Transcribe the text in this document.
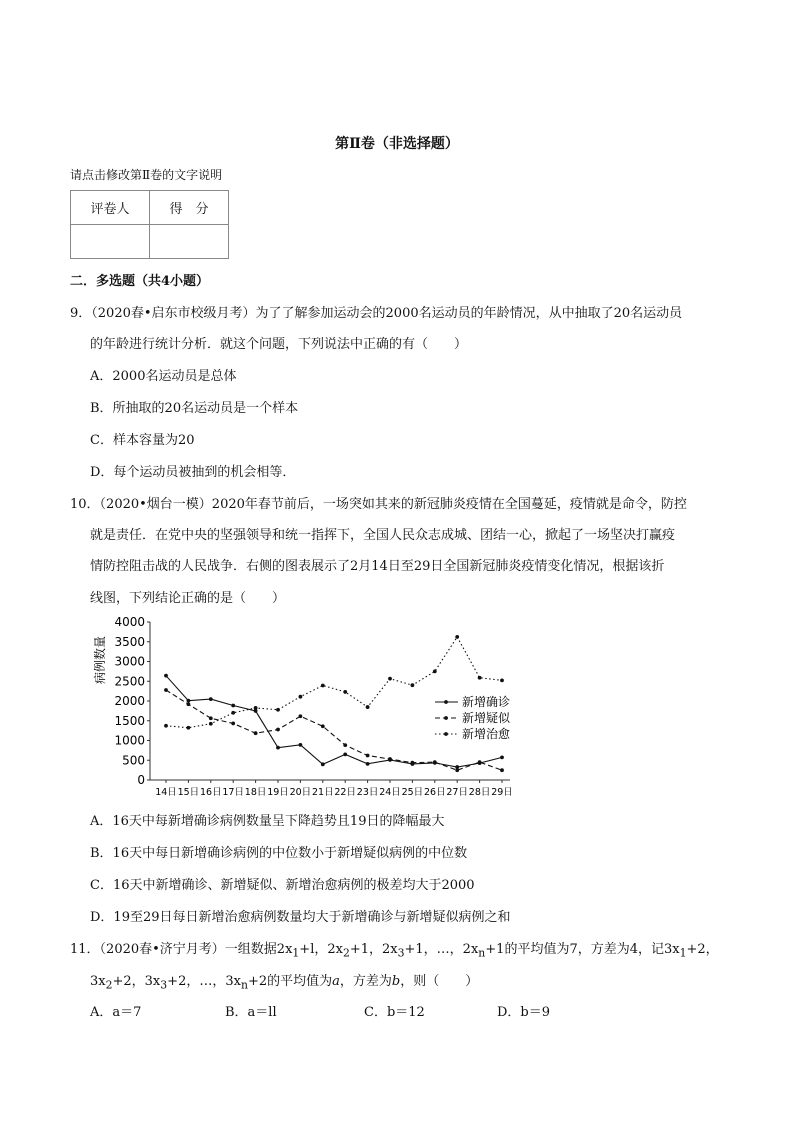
第Ⅱ卷（非选择题）
请点击修改第Ⅱ卷的文字说明
评卷人	得　分

二．多选题（共4小题）
9．（2020春•启东市校级月考）为了了解参加运动会的2000名运动员的年龄情况，从中抽取了20名运动员
的年龄进行统计分析．就这个问题，下列说法中正确的有（　　）
A．2000名运动员是总体
B．所抽取的20名运动员是一个样本
C．样本容量为20
D．每个运动员被抽到的机会相等．
10．（2020•烟台一模）2020年春节前后，一场突如其来的新冠肺炎疫情在全国蔓延，疫情就是命令，防控
就是责任．在党中央的坚强领导和统一指挥下，全国人民众志成城、团结一心，掀起了一场坚决打赢疫
情防控阻击战的人民战争．右侧的图表展示了2月14日至29日全国新冠肺炎疫情变化情况，根据该折
线图，下列结论正确的是（　　）
病例数量
0
500
1000
1500
2000
2500
3000
3500
4000
14日 15日 16日 17日 18日 19日 20日 21日 22日 23日 24日 25日 26日 27日 28日 29日
新增确诊
新增疑似
新增治愈
A．16天中每新增确诊病例数量呈下降趋势且19日的降幅最大
B．16天中每日新增确诊病例的中位数小于新增疑似病例的中位数
C．16天中新增确诊、新增疑似、新增治愈病例的极差均大于2000
D．19至29日每日新增治愈病例数量均大于新增确诊与新增疑似病例之和
11．（2020春•济宁月考）一组数据$2x_1+l$，$2x_2+1$，$2x_3+1$，…，$2x_n+1$的平均值为7，方差为4，记$3x_1+2$，
$3x_2+2$，$3x_3+2$，…，$3x_n+2$的平均值为a，方差为b，则（　　）
A．a＝7	B．a＝ll	C．b＝12	D．b＝9
